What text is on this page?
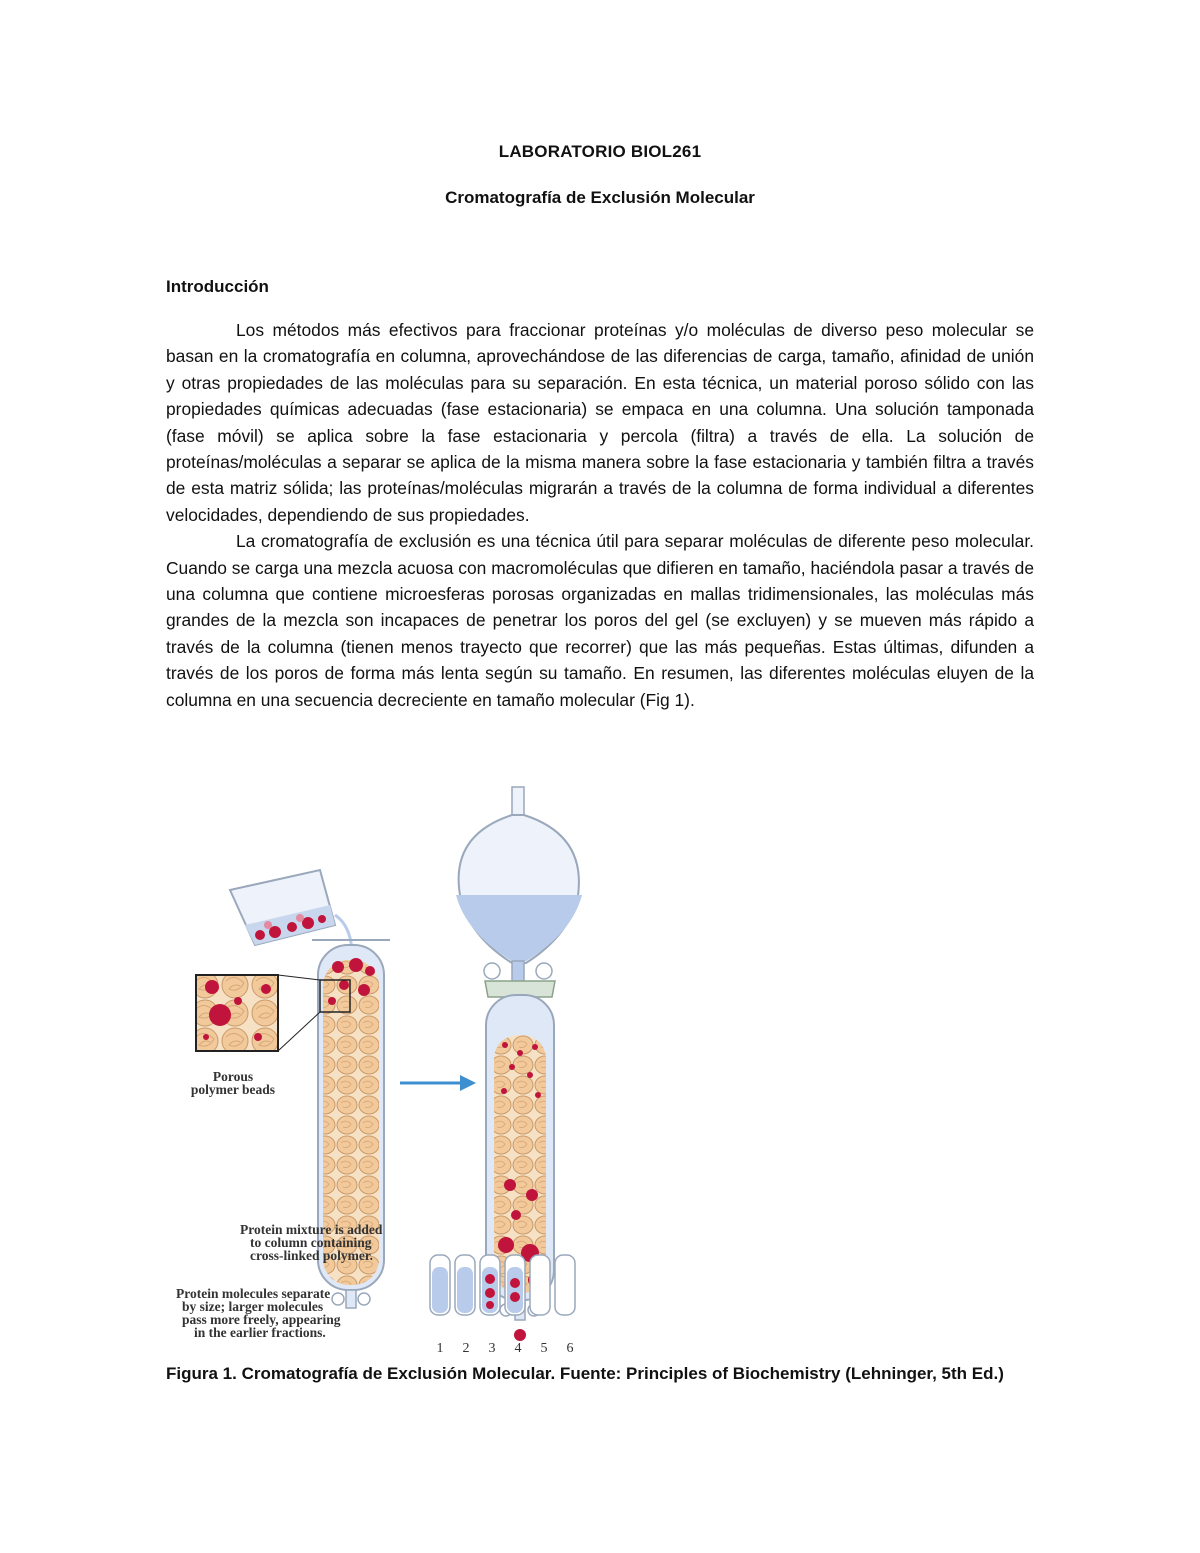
LABORATORIO BIOL261
Cromatografía de Exclusión Molecular
Introducción

Los métodos más efectivos para fraccionar proteínas y/o moléculas de diverso peso molecular se basan en la cromatografía en columna, aprovechándose de las diferencias de carga, tamaño, afinidad de unión y otras propiedades de las moléculas para su separación. En esta técnica, un material poroso sólido con las propiedades químicas adecuadas (fase estacionaria) se empaca en una columna. Una solución tamponada (fase móvil) se aplica sobre la fase estacionaria y percola (filtra) a través de ella. La solución de proteínas/moléculas a separar se aplica de la misma manera sobre la fase estacionaria y también filtra a través de esta matriz sólida; las proteínas/moléculas migrarán a través de la columna de forma individual a diferentes velocidades, dependiendo de sus propiedades.

La cromatografía de exclusión es una técnica útil para separar moléculas de diferente peso molecular. Cuando se carga una mezcla acuosa con macromoléculas que difieren en tamaño, haciéndola pasar a través de una columna que contiene microesferas porosas organizadas en mallas tridimensionales, las moléculas más grandes de la mezcla son incapaces de penetrar los poros del gel (se excluyen) y se mueven más rápido a través de la columna (tienen menos trayecto que recorrer) que las más pequeñas. Estas últimas, difunden a través de los poros de forma más lenta según su tamaño. En resumen, las diferentes moléculas eluyen de la columna en una secuencia decreciente en tamaño molecular (Fig 1).

Porous
polymer beads
Protein mixture is added
to column containing
cross-linked polymer.
Protein molecules separate
by size; larger molecules
pass more freely, appearing
in the earlier fractions.
1	2	3	4	5	6
Figura 1. Cromatografía de Exclusión Molecular. Fuente: Principles of Biochemistry (Lehninger, 5th Ed.)
